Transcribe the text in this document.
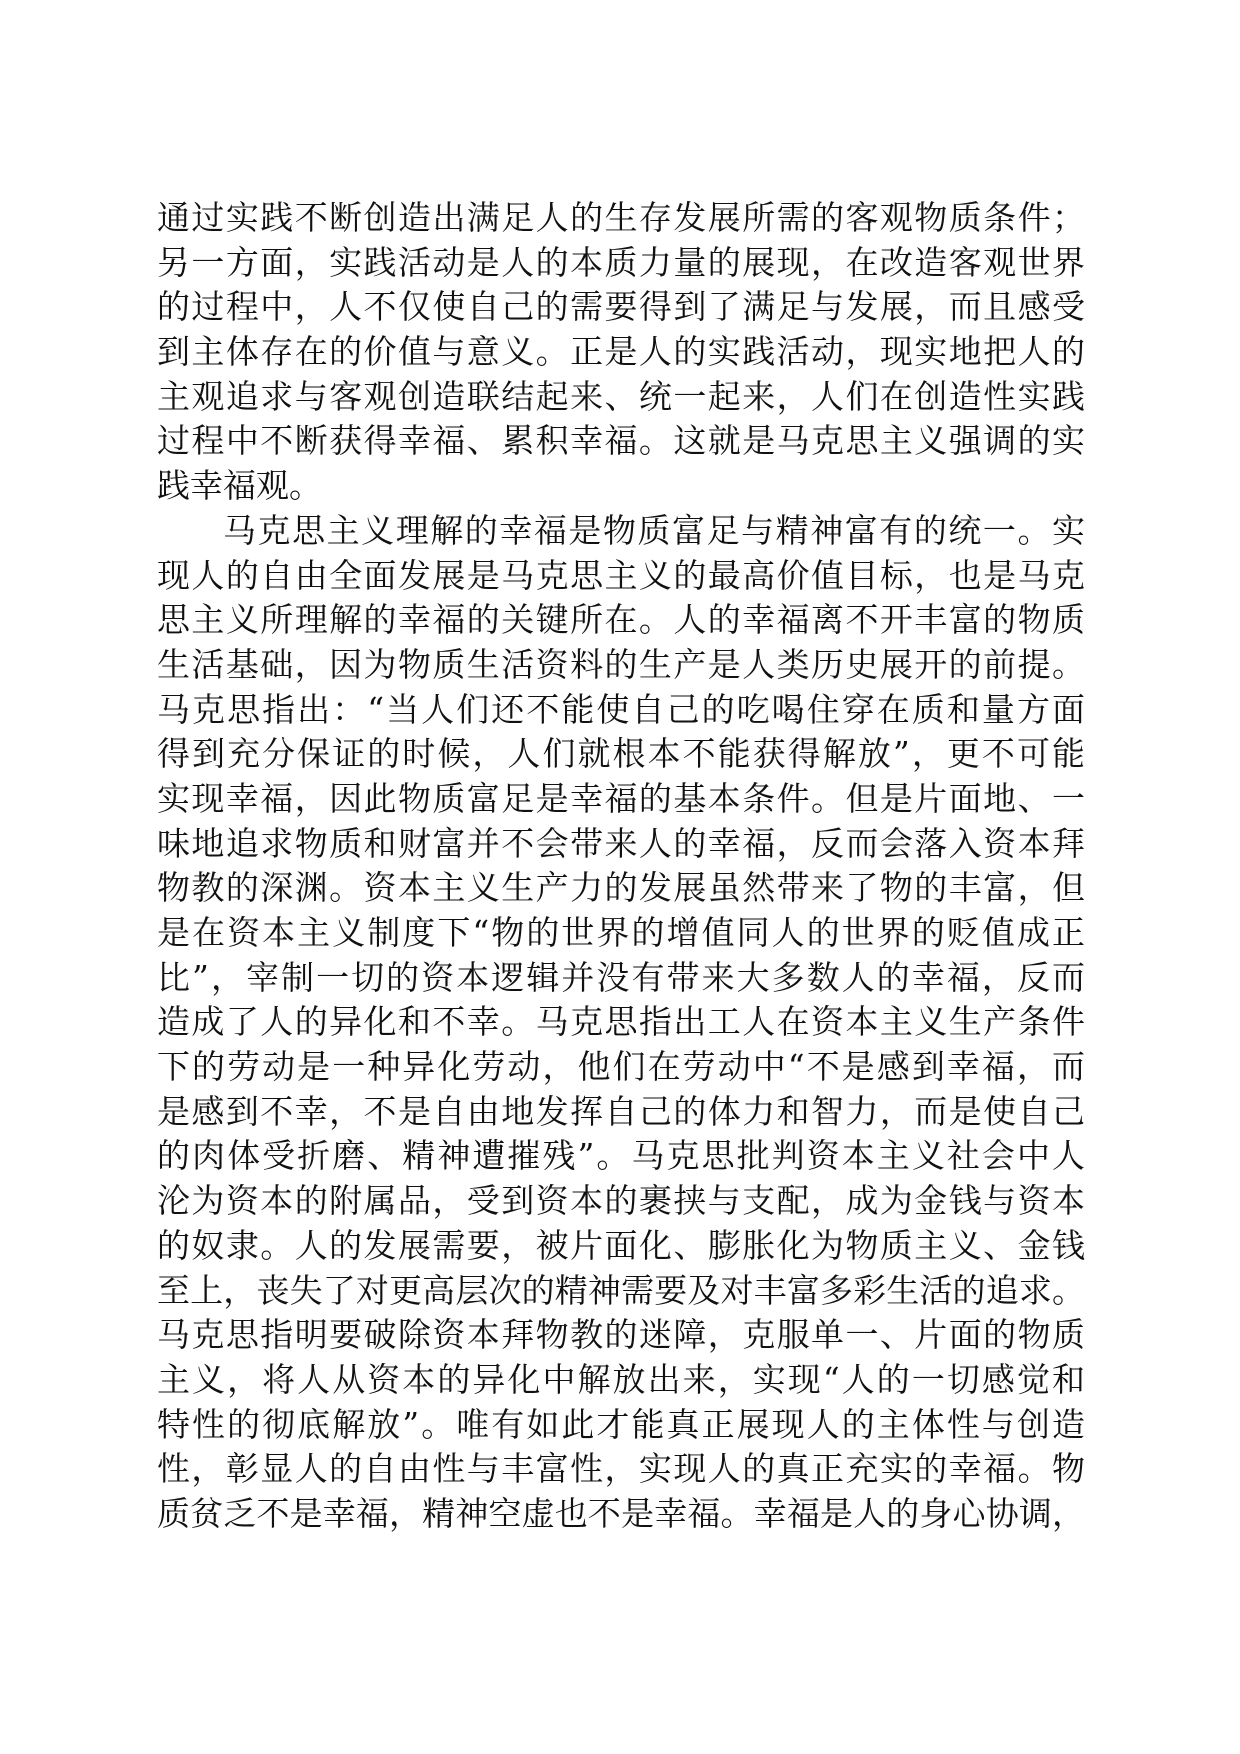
通过实践不断创造出满足人的生存发展所需的客观物质条件；
另一方面，实践活动是人的本质力量的展现，在改造客观世界
的过程中，人不仅使自己的需要得到了满足与发展，而且感受
到主体存在的价值与意义。正是人的实践活动，现实地把人的
主观追求与客观创造联结起来、统一起来，人们在创造性实践
过程中不断获得幸福、累积幸福。这就是马克思主义强调的实
践幸福观。
马克思主义理解的幸福是物质富足与精神富有的统一。实
现人的自由全面发展是马克思主义的最高价值目标，也是马克
思主义所理解的幸福的关键所在。人的幸福离不开丰富的物质
生活基础，因为物质生活资料的生产是人类历史展开的前提。
马克思指出：“当人们还不能使自己的吃喝住穿在质和量方面
得到充分保证的时候，人们就根本不能获得解放”，更不可能
实现幸福，因此物质富足是幸福的基本条件。但是片面地、一
味地追求物质和财富并不会带来人的幸福，反而会落入资本拜
物教的深渊。资本主义生产力的发展虽然带来了物的丰富，但
是在资本主义制度下“物的世界的增值同人的世界的贬值成正
比”，宰制一切的资本逻辑并没有带来大多数人的幸福，反而
造成了人的异化和不幸。马克思指出工人在资本主义生产条件
下的劳动是一种异化劳动，他们在劳动中“不是感到幸福，而
是感到不幸，不是自由地发挥自己的体力和智力，而是使自己
的肉体受折磨、精神遭摧残”。马克思批判资本主义社会中人
沦为资本的附属品，受到资本的裹挟与支配，成为金钱与资本
的奴隶。人的发展需要，被片面化、膨胀化为物质主义、金钱
至上，丧失了对更高层次的精神需要及对丰富多彩生活的追求。
马克思指明要破除资本拜物教的迷障，克服单一、片面的物质
主义，将人从资本的异化中解放出来，实现“人的一切感觉和
特性的彻底解放”。唯有如此才能真正展现人的主体性与创造
性，彰显人的自由性与丰富性，实现人的真正充实的幸福。物
质贫乏不是幸福，精神空虚也不是幸福。幸福是人的身心协调，
